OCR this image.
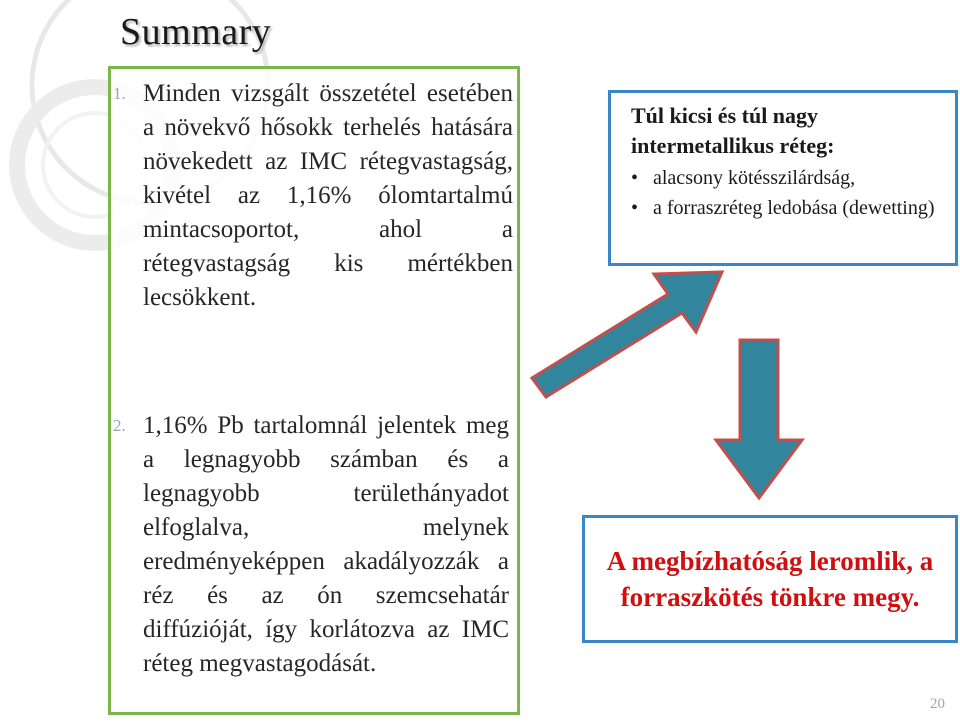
Summary
1. Minden vizsgált összetétel esetében a növekvő hősokk terhelés hatására növekedett az IMC rétegvastagság, kivétel az 1,16% ólomtartalmú mintacsoportot, ahol a rétegvastagság kis mértékben lecsökkent.
2. 1,16% Pb tartalomnál jelentek meg a legnagyobb számban és a legnagyobb területhányadot elfoglalva, melynek eredményeképpen akadályozzák a réz és az ón szemcsehatár diffúzióját, így korlátozva az IMC réteg megvastagodását.
Túl kicsi és túl nagy intermetallikus réteg:
• alacsony kötésszilárdság,
• a forraszréteg ledobása (dewetting)
A megbízhatóság leromlik, a forraszkötés tönkre megy.
20
